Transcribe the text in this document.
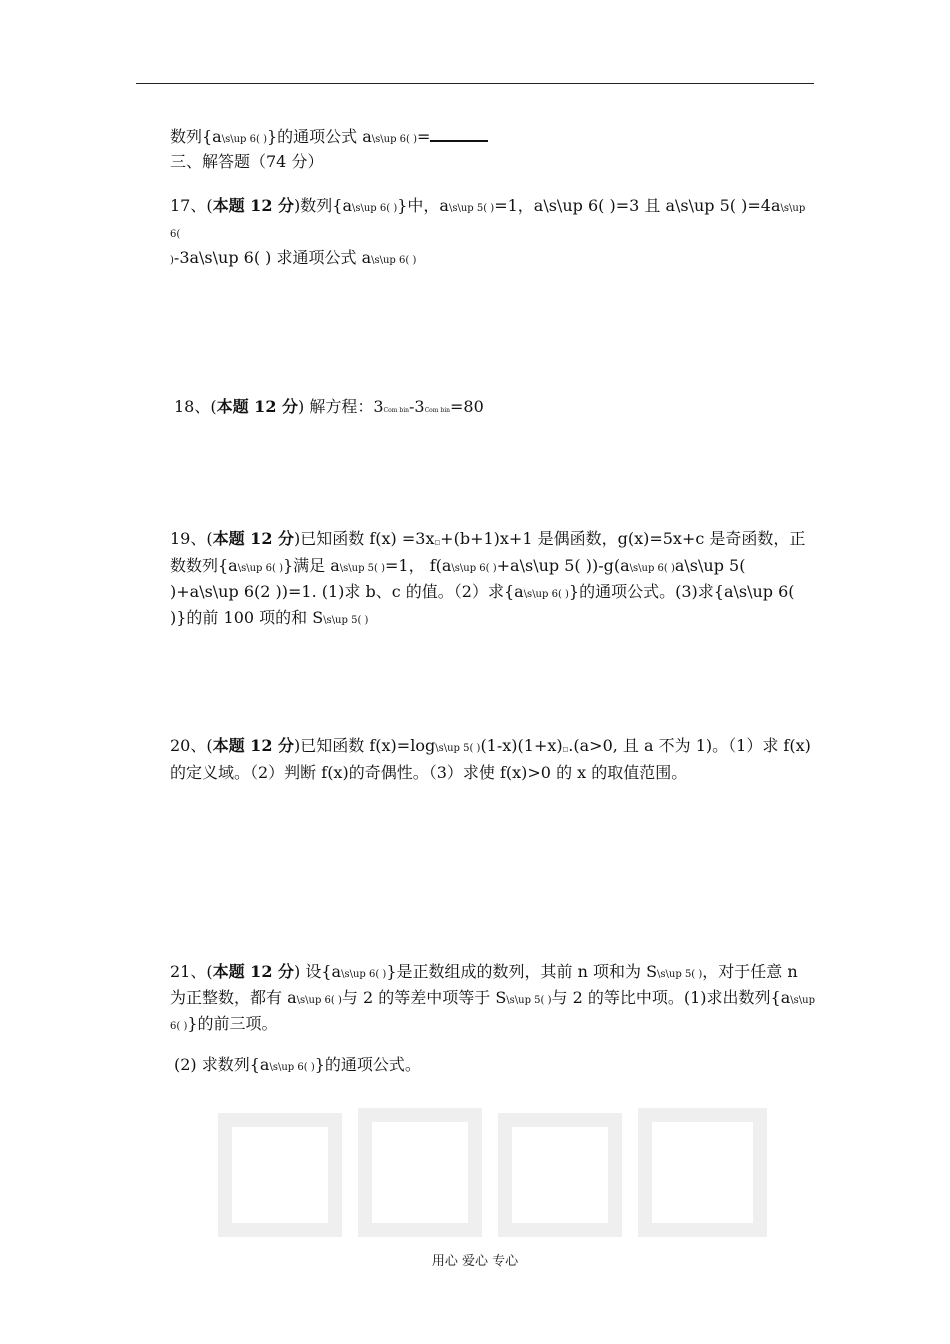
数列{a\s\up 6( )}的通项公式 a\s\up 6( )=
三、解答题（74 分）
17、(本题 12 分)数列{a\s\up 6( )}中，a\s\up 5( )=1，a\s\up 6( )=3 且 a\s\up 5( )=4a\s\up 6(
)-3a\s\up 6( ) 求通项公式 a\s\up 6( )
18、(本题 12 分) 解方程：3Com bin-3Com bin=80
19、(本题 12 分)已知函数 f(x) =3x□+(b+1)x+1 是偶函数，g(x)=5x+c 是奇函数，正数数列{a\s\up 6( )}满足 a\s\up 5( )=1， f(a\s\up 6( )+a\s\up 5( ))-g(a\s\up 6( )a\s\up 5( )+a\s\up 6(2 ))=1. (1)求 b、c 的值。（2）求{a\s\up 6( )}的通项公式。(3)求{a\s\up 6( )}的前 100 项的和 S\s\up 5( )
20、(本题 12 分)已知函数 f(x)=log\s\up 5( )(1-x)(1+x)□.(a>0, 且 a 不为 1)。（1）求 f(x)的定义域。（2）判断 f(x)的奇偶性。（3）求使 f(x)>0 的 x 的取值范围。
21、(本题 12 分) 设{a\s\up 6( )}是正数组成的数列，其前 n 项和为 S\s\up 5( )，对于任意 n 为正整数，都有 a\s\up 6( )与 2 的等差中项等于 S\s\up 5( )与 2 的等比中项。(1)求出数列{a\s\up 6( )}的前三项。
(2) 求数列{a\s\up 6( )}的通项公式。
用心 爱心 专心
